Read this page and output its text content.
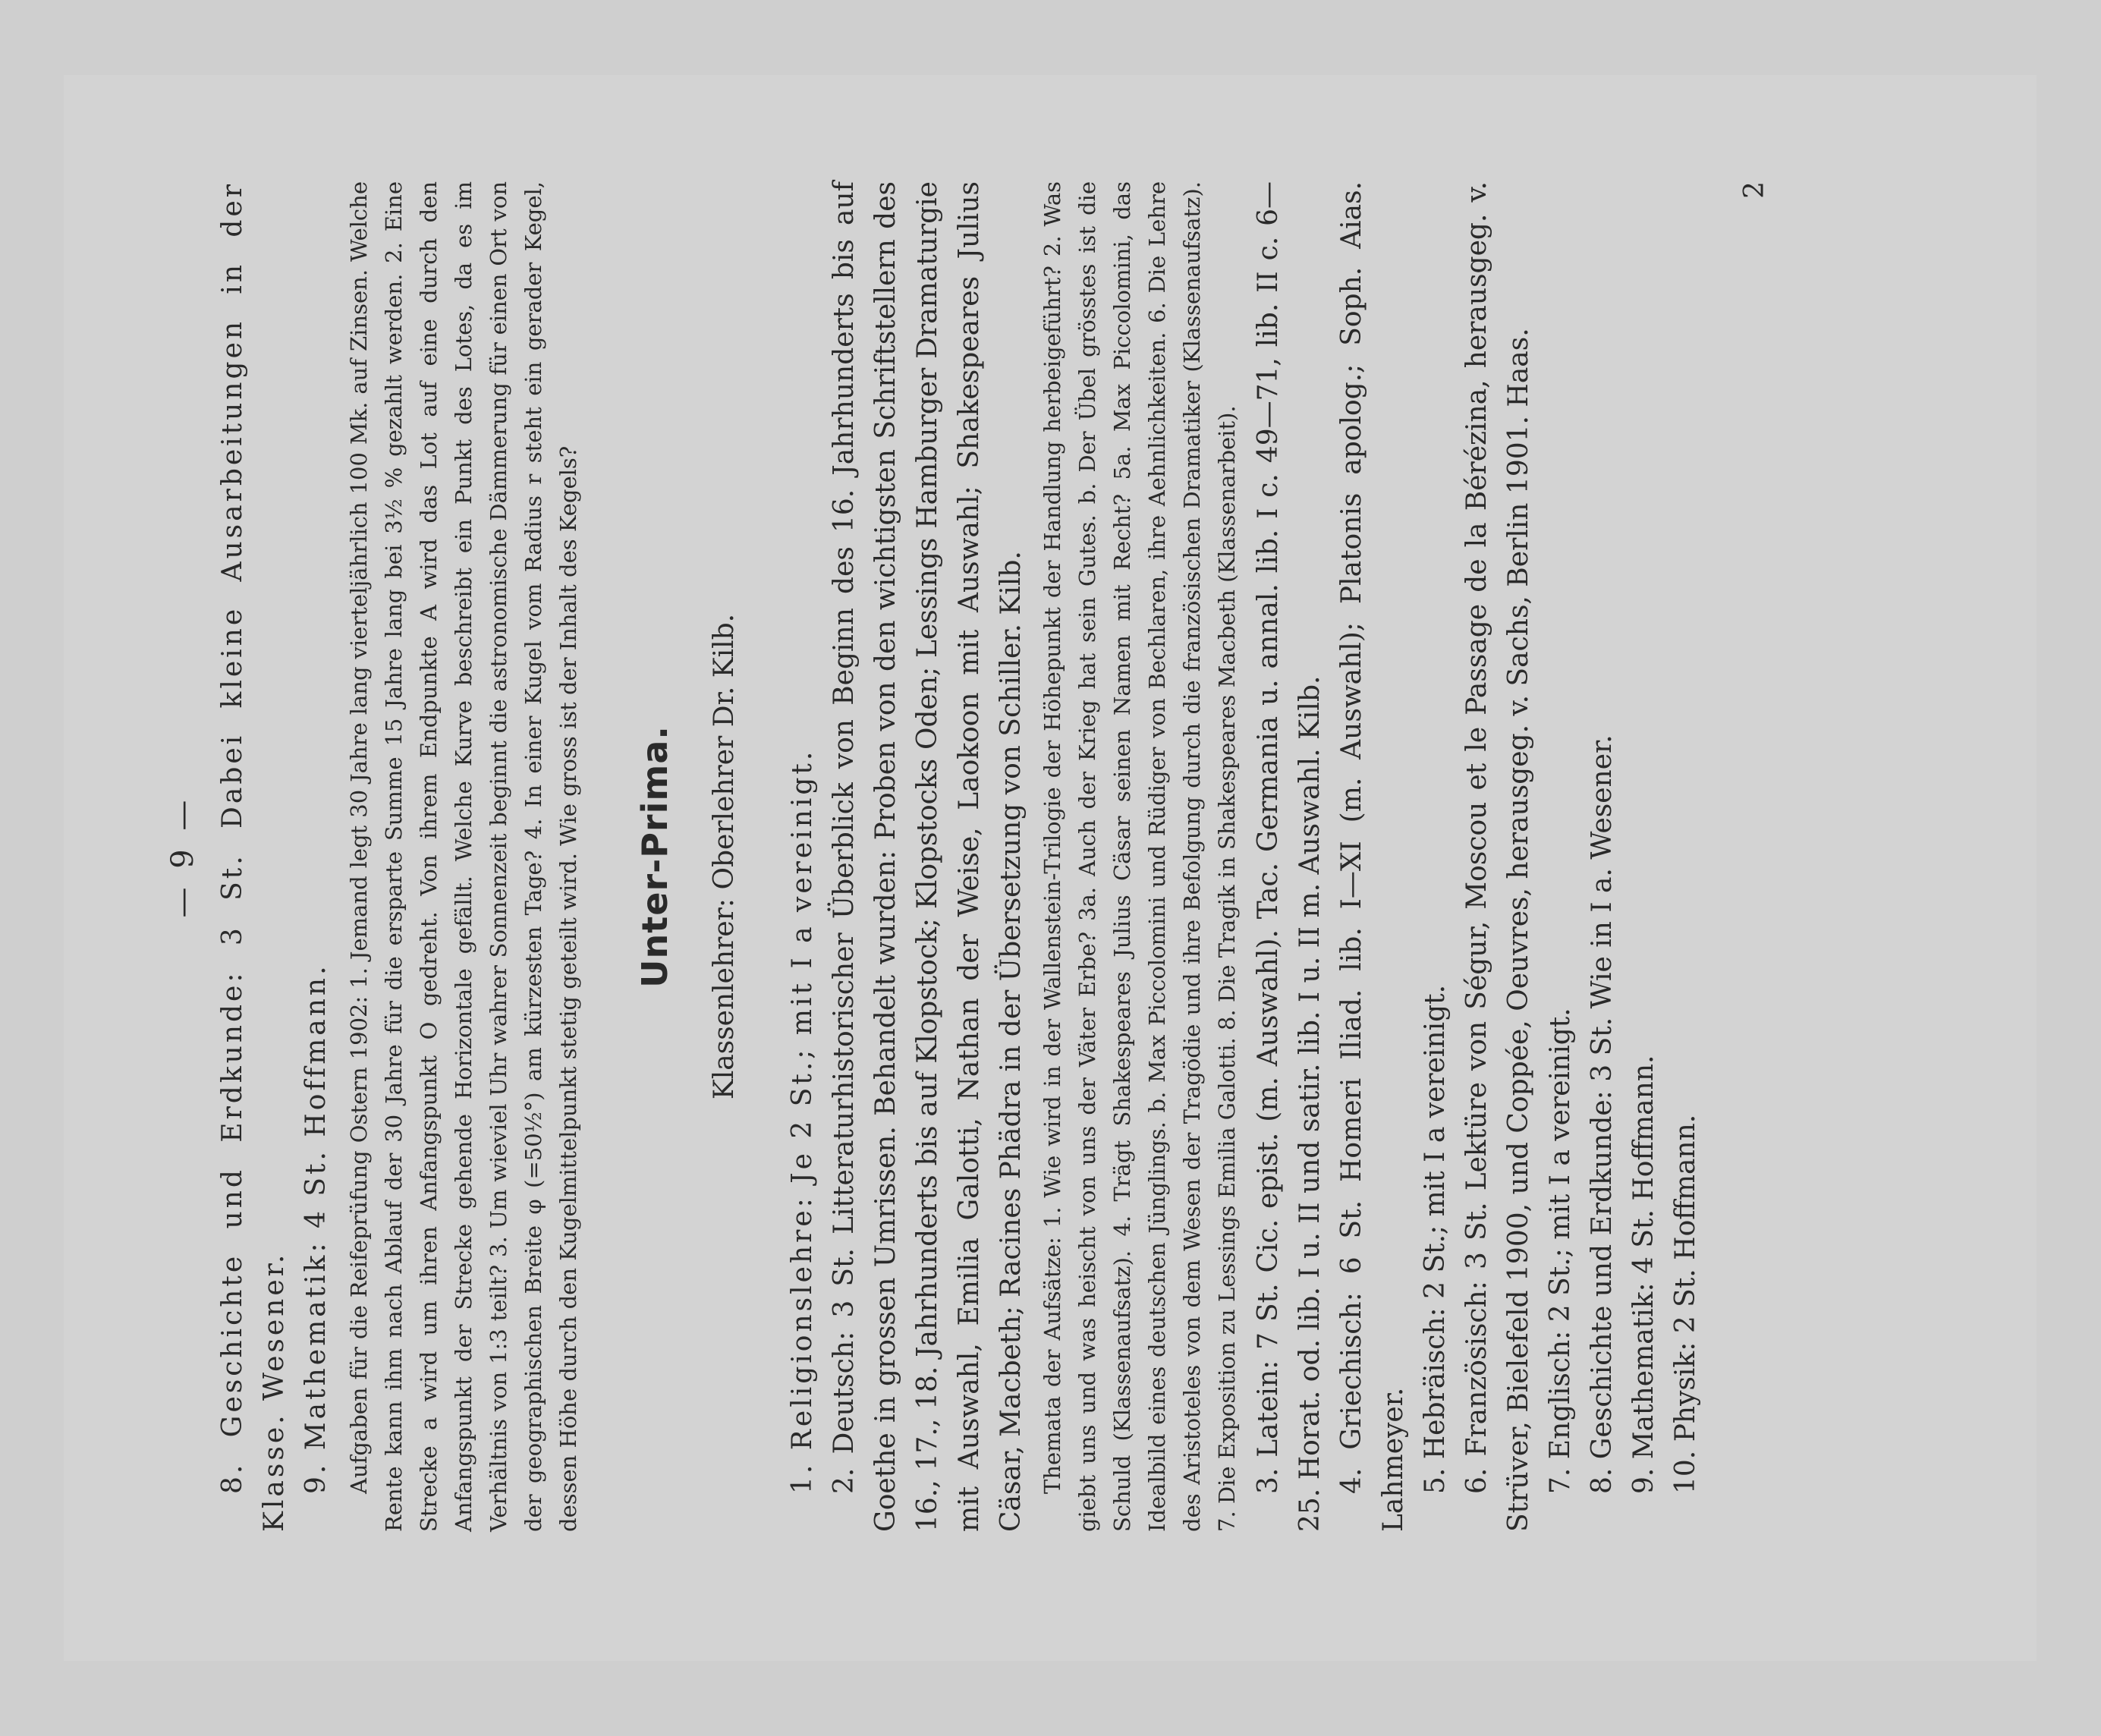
— 9 — 8. Geschichte und Erdkunde: 3 St. Dabei kleine Ausarbeitungen in der Klasse. Wesener. 9. Mathematik: 4 St. Hoffmann. Aufgaben für die Reifeprüfung Ostern 1902: 1. Jemand legt 30 Jahre lang vierteljährlich 100 Mk. auf Zinsen. Welche Rente kann ihm nach Ablauf der 30 Jahre für die ersparte Summe 15 Jahre lang bei 3½ % gezahlt werden. 2. Eine Strecke a wird um ihren Anfangspunkt O gedreht. Von ihrem Endpunkte A wird das Lot auf eine durch den Anfangspunkt der Strecke gehende Horizontale gefällt. Welche Kurve beschreibt ein Punkt des Lotes, da es im Verhältnis von 1:3 teilt? 3. Um wieviel Uhr wahrer Sonnenzeit beginnt die astronomische Dämmerung für einen Ort von der geographischen Breite φ (=50½°) am kürzesten Tage? 4. In einer Kugel vom Radius r steht ein gerader Kegel, dessen Höhe durch den Kugelmittelpunkt stetig geteilt wird. Wie gross ist der Inhalt des Kegels? Unter-Prima. Klassenlehrer: Oberlehrer Dr. Kilb. 1. Religionslehre: Je 2 St.; mit I a vereinigt. 2. Deutsch: 3 St. Litteraturhistorischer Überblick von Beginn des 16. Jahrhunderts bis auf Goethe in grossen Umrissen. Behandelt wurden: Proben von den wichtigsten Schriftstellern des 16., 17., 18. Jahrhunderts bis auf Klopstock; Klopstocks Oden; Lessings Hamburger Dramaturgie mit Auswahl, Emilia Galotti, Nathan der Weise, Laokoon mit Auswahl; Shakespeares Julius Cäsar, Macbeth; Racines Phädra in der Übersetzung von Schiller. Kilb. Themata der Aufsätze: 1. Wie wird in der Wallenstein-Trilogie der Höhepunkt der Handlung herbeigeführt? 2. Was giebt uns und was heischt von uns der Väter Erbe? 3a. Auch der Krieg hat sein Gutes. b. Der Übel grösstes ist die Schuld (Klassenaufsatz). 4. Trägt Shakespeares Julius Cäsar seinen Namen mit Recht? 5a. Max Piccolomini, das Idealbild eines deutschen Jünglings. b. Max Piccolomini und Rüdiger von Bechlaren, ihre Aehnlichkeiten. 6. Die Lehre des Aristoteles von dem Wesen der Tragödie und ihre Befolgung durch die französischen Dramatiker (Klassenaufsatz). 7. Die Exposition zu Lessings Emilia Galotti. 8. Die Tragik in Shakespeares Macbeth (Klassenarbeit). 3. Latein: 7 St. Cic. epist. (m. Auswahl). Tac. Germania u. annal. lib. I c. 49—71, lib. II c. 6—25. Horat. od. lib. I u. II und satir. lib. I u. II m. Auswahl. Kilb. 4. Griechisch: 6 St. Homeri Iliad. lib. I—XI (m. Auswahl); Platonis apolog.; Soph. Aias. Lahmeyer. 5. Hebräisch: 2 St.; mit I a vereinigt. 6. Französisch: 3 St. Lektüre von Ségur, Moscou et le Passage de la Bérézina, herausgeg. v. Strüver, Bielefeld 1900, und Coppée, Oeuvres, herausgeg. v. Sachs, Berlin 1901. Haas. 7. Englisch: 2 St.; mit I a vereinigt. 8. Geschichte und Erdkunde: 3 St. Wie in I a. Wesener. 9. Mathematik: 4 St. Hoffmann. 10. Physik: 2 St. Hoffmann.

2
